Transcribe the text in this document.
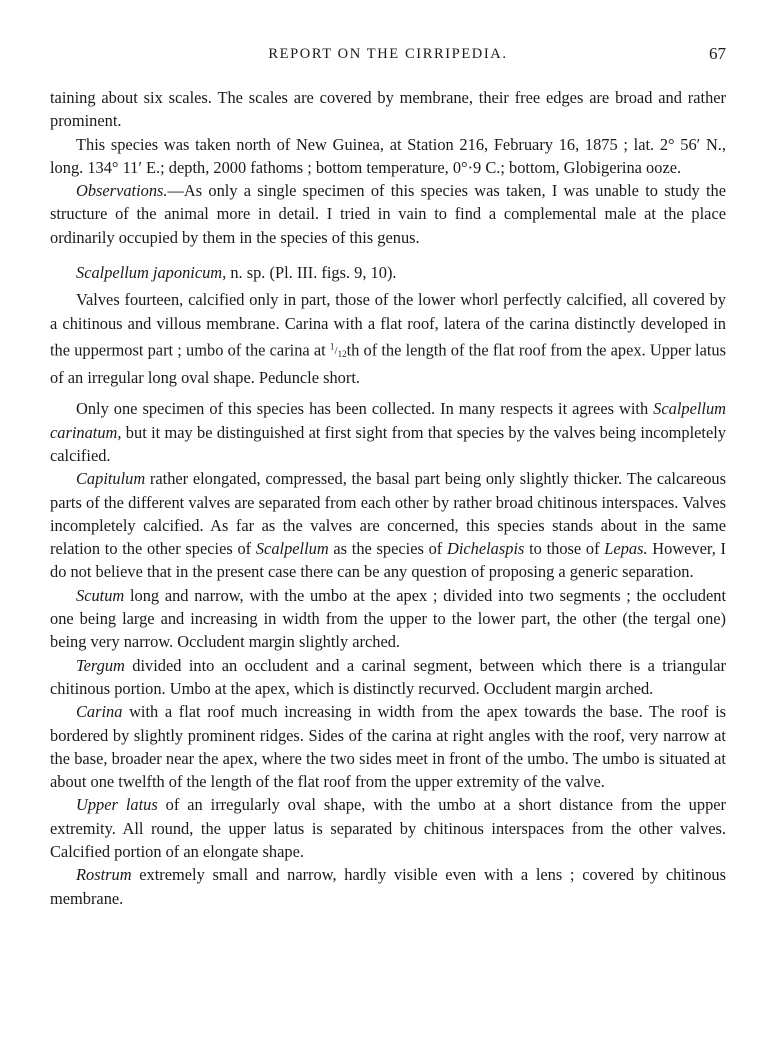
REPORT ON THE CIRRIPEDIA.	67

taining about six scales. The scales are covered by membrane, their free edges are broad and rather prominent.

This species was taken north of New Guinea, at Station 216, February 16, 1875 ; lat. 2° 56′ N., long. 134° 11′ E.; depth, 2000 fathoms ; bottom temperature, 0°·9 C.; bottom, Globigerina ooze.

Observations.—As only a single specimen of this species was taken, I was unable to study the structure of the animal more in detail. I tried in vain to find a complemental male at the place ordinarily occupied by them in the species of this genus.

Scalpellum japonicum, n. sp. (Pl. III. figs. 9, 10).

Valves fourteen, calcified only in part, those of the lower whorl perfectly calcified, all covered by a chitinous and villous membrane. Carina with a flat roof, latera of the carina distinctly developed in the uppermost part ; umbo of the carina at $^1/_{12}th$ of the length of the flat roof from the apex. Upper latus of an irregular long oval shape. Peduncle short.

Only one specimen of this species has been collected. In many respects it agrees with Scalpellum carinatum, but it may be distinguished at first sight from that species by the valves being incompletely calcified.

Capitulum rather elongated, compressed, the basal part being only slightly thicker. The calcareous parts of the different valves are separated from each other by rather broad chitinous interspaces. Valves incompletely calcified. As far as the valves are concerned, this species stands about in the same relation to the other species of Scalpellum as the species of Dichelaspis to those of Lepas. However, I do not believe that in the present case there can be any question of proposing a generic separation.

Scutum long and narrow, with the umbo at the apex ; divided into two segments ; the occludent one being large and increasing in width from the upper to the lower part, the other (the tergal one) being very narrow. Occludent margin slightly arched.

Tergum divided into an occludent and a carinal segment, between which there is a triangular chitinous portion. Umbo at the apex, which is distinctly recurved. Occludent margin arched.

Carina with a flat roof much increasing in width from the apex towards the base. The roof is bordered by slightly prominent ridges. Sides of the carina at right angles with the roof, very narrow at the base, broader near the apex, where the two sides meet in front of the umbo. The umbo is situated at about one twelfth of the length of the flat roof from the upper extremity of the valve.

Upper latus of an irregularly oval shape, with the umbo at a short distance from the upper extremity. All round, the upper latus is separated by chitinous interspaces from the other valves. Calcified portion of an elongate shape.

Rostrum extremely small and narrow, hardly visible even with a lens ; covered by chitinous membrane.
